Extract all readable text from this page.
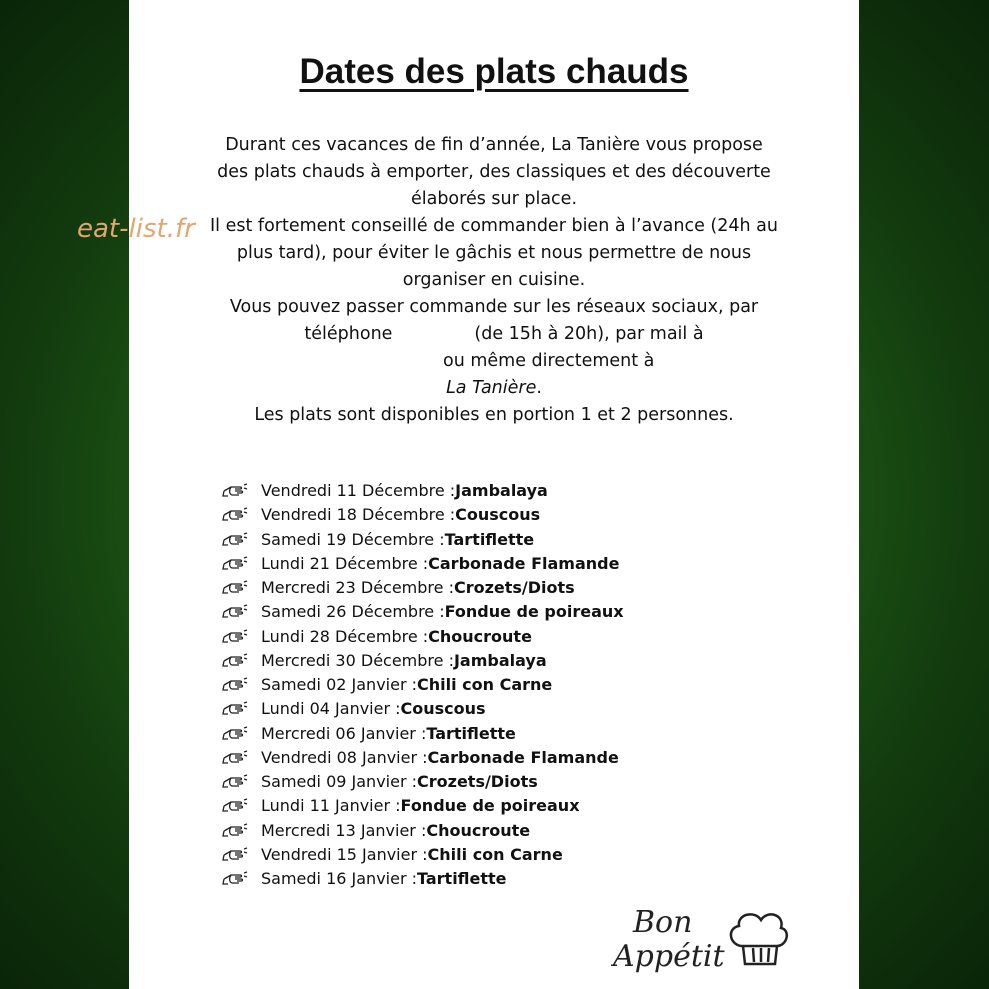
Dates des plats chauds

Durant ces vacances de fin d’année, La Tanière vous propose

des plats chauds à emporter, des classiques et des découverte

élaborés sur place.

Il est fortement conseillé de commander bien à l’avance (24h au

plus tard), pour éviter le gâchis et nous permettre de nous

organiser en cuisine.

Vous pouvez passer commande sur les réseaux sociaux, par

téléphone	(de 15h à 20h), par mail à

ou même directement à

La Tanière.

Les plats sont disponibles en portion 1 et 2 personnes.

Vendredi 11 Décembre : Jambalaya
Vendredi 18 Décembre : Couscous
Samedi 19 Décembre : Tartiflette
Lundi 21 Décembre : Carbonade Flamande
Mercredi 23 Décembre : Crozets/Diots
Samedi 26 Décembre : Fondue de poireaux
Lundi 28 Décembre : Choucroute
Mercredi 30 Décembre : Jambalaya
Samedi 02 Janvier : Chili con Carne
Lundi 04 Janvier : Couscous
Mercredi 06 Janvier : Tartiflette
Vendredi 08 Janvier : Carbonade Flamande
Samedi 09 Janvier : Crozets/Diots
Lundi 11 Janvier : Fondue de poireaux
Mercredi 13 Janvier : Choucroute
Vendredi 15 Janvier : Chili con Carne
Samedi 16 Janvier : Tartiflette
Bon
Appétit
eat-list.fr
